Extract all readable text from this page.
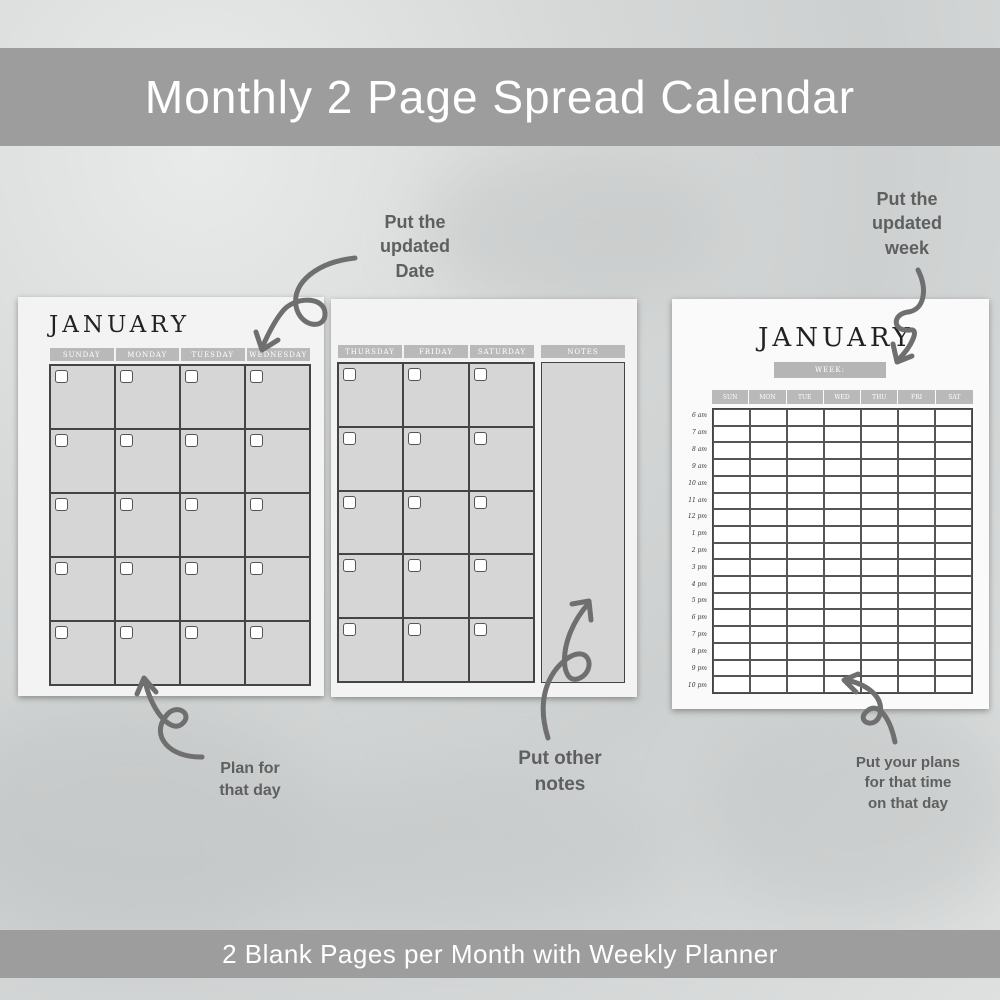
Monthly 2 Page Spread Calendar
JANUARY
SUNDAY	MONDAY	TUESDAY	WEDNESDAY	THURSDAY	FRIDAY	SATURDAY	NOTES	JANUARY
WEEK:
SUN	MON	TUE	WED	THU	FRI	SAT
6 am
7 am
8 am
9 am
10 am
11 am
12 pm
1 pm
2 pm
3 pm
4 pm
5 pm
6 pm
7 pm
8 pm
9 pm
10 pm
Put the
updated
Date
Put the
updated
week
Plan for
that day
Put other
notes
Put your plans
for that time
on that day
2 Blank Pages per Month with Weekly Planner
